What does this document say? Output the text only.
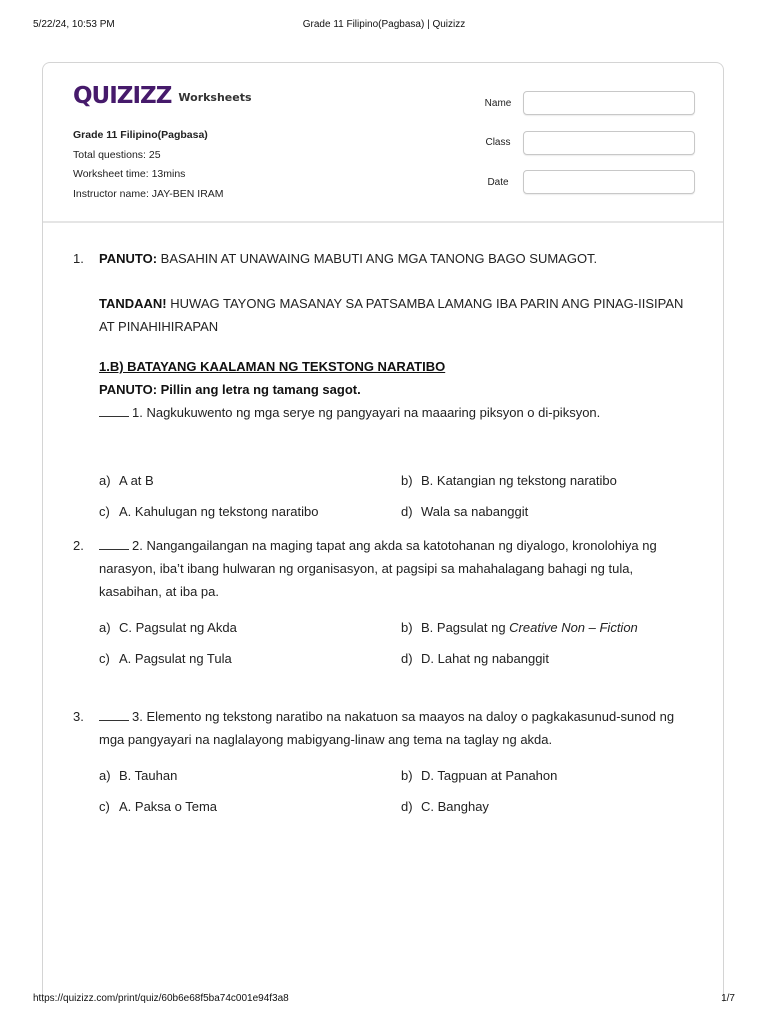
5/22/24, 10:53 PM	Grade 11 Filipino(Pagbasa) | Quizizz
QUIZIZZ Worksheets
Grade 11 Filipino(Pagbasa)
Total questions: 25
Worksheet time: 13mins
Instructor name: JAY-BEN IRAM
Name
Class
Date
1.	PANUTO: BASAHIN AT UNAWAING MABUTI ANG MGA TANONG BAGO SUMAGOT.
TANDAAN! HUWAG TAYONG MASANAY SA PATSAMBA LAMANG IBA PARIN ANG PINAG-IISIPAN AT PINAHIHIRAPAN
1.B) BATAYANG KAALAMAN NG TEKSTONG NARATIBO
PANUTO: Pillin ang letra ng tamang sagot.
1. Nagkukuwento ng mga serye ng pangyayari na maaaring piksyon o di-piksyon.
a) A at B	b) B. Katangian ng tekstong naratibo
c) A. Kahulugan ng tekstong naratibo	d) Wala sa nabanggit
2.	2. Nangangailangan na maging tapat ang akda sa katotohanan ng diyalogo, kronolohiya ng narasyon, iba’t ibang hulwaran ng organisasyon, at pagsipi sa mahahalagang bahagi ng tula, kasabihan, at iba pa.
a) C. Pagsulat ng Akda	b) B. Pagsulat ng Creative Non – Fiction
c) A. Pagsulat ng Tula	d) D. Lahat ng nabanggit
3.	3. Elemento ng tekstong naratibo na nakatuon sa maayos na daloy o pagkakasunud-sunod ng mga pangyayari na naglalayong mabigyang-linaw ang tema na taglay ng akda.
a) B. Tauhan	b) D. Tagpuan at Panahon
c) A. Paksa o Tema	d) C. Banghay
https://quizizz.com/print/quiz/60b6e68f5ba74c001e94f3a8	1/7
